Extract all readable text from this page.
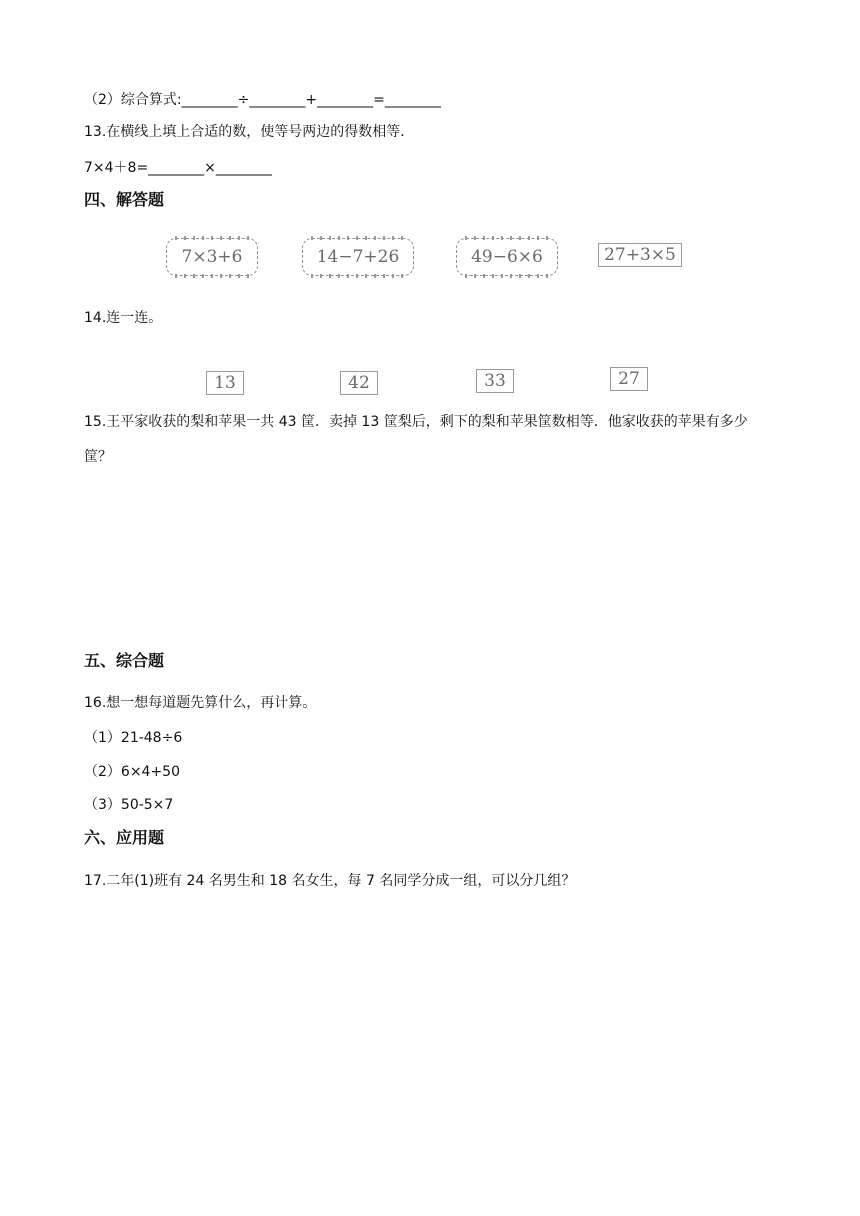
（2）综合算式:________÷________+________=________
13.在横线上填上合适的数，使等号两边的得数相等.
7×4＋8=________×________
四、解答题
7×3+6	14−7+26	49−6×6	27+3×5
14.连一连。
13	42	33	27
15.王平家收获的梨和苹果一共 43 筐．卖掉 13 筐梨后，剩下的梨和苹果筐数相等．他家收获的苹果有多少
筐？
五、综合题
16.想一想每道题先算什么，再计算。
（1）21-48÷6
（2）6×4+50
（3）50-5×7
六、应用题
17.二年(1)班有 24 名男生和 18 名女生，每 7 名同学分成一组，可以分几组？
